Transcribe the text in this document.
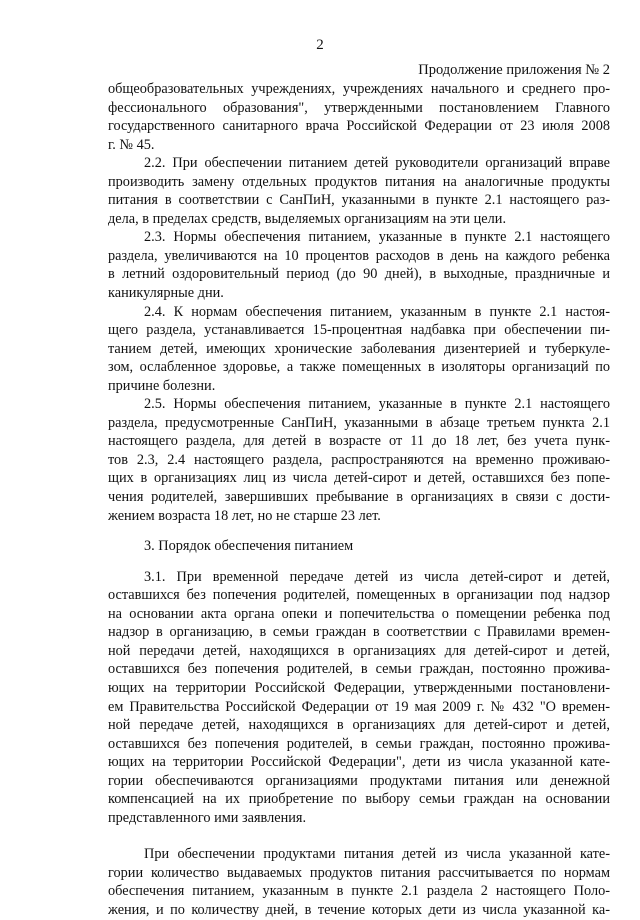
2
Продолжение приложения № 2
общеобразовательных учреждениях, учреждениях начального и среднего про-
фессионального образования", утвержденными постановлением Главного
государственного санитарного врача Российской Федерации от 23 июля 2008
г. № 45.
2.2. При обеспечении питанием детей руководители организаций вправе
производить замену отдельных продуктов питания на аналогичные продукты
питания в соответствии с СанПиН, указанными в пункте 2.1 настоящего раз-
дела, в пределах средств, выделяемых организациям на эти цели.
2.3. Нормы обеспечения питанием, указанные в пункте 2.1 настоящего
раздела, увеличиваются на 10 процентов расходов в день на каждого ребенка
в летний оздоровительный период (до 90 дней), в выходные, праздничные и
каникулярные дни.
2.4. К нормам обеспечения питанием, указанным в пункте 2.1 настоя-
щего раздела, устанавливается 15-процентная надбавка при обеспечении пи-
танием детей, имеющих хронические заболевания дизентерией и туберкуле-
зом, ослабленное здоровье, а также помещенных в изоляторы организаций по
причине болезни.
2.5. Нормы обеспечения питанием, указанные в пункте 2.1 настоящего
раздела, предусмотренные СанПиН, указанными в абзаце третьем пункта 2.1
настоящего раздела, для детей в возрасте от 11 до 18 лет, без учета пунк-
тов 2.3, 2.4 настоящего раздела, распространяются на временно проживаю-
щих в организациях лиц из числа детей-сирот и детей, оставшихся без попе-
чения родителей, завершивших пребывание в организациях в связи с дости-
жением возраста 18 лет, но не старше 23 лет.
3. Порядок обеспечения питанием
3.1. При временной передаче детей из числа детей-сирот и детей,
оставшихся без попечения родителей, помещенных в организации под надзор
на основании акта органа опеки и попечительства о помещении ребенка под
надзор в организацию, в семьи граждан в соответствии с Правилами времен-
ной передачи детей, находящихся в организациях для детей-сирот и детей,
оставшихся без попечения родителей, в семьи граждан, постоянно прожива-
ющих на территории Российской Федерации, утвержденными постановлени-
ем Правительства Российской Федерации от 19 мая 2009 г. № 432 "О времен-
ной передаче детей, находящихся в организациях для детей-сирот и детей,
оставшихся без попечения родителей, в семьи граждан, постоянно прожива-
ющих на территории Российской Федерации", дети из числа указанной кате-
гории обеспечиваются организациями продуктами питания или денежной
компенсацией на их приобретение по выбору семьи граждан на основании
представленного ими заявления.
При обеспечении продуктами питания детей из числа указанной кате-
гории количество выдаваемых продуктов питания рассчитывается по нормам
обеспечения питанием, указанным в пункте 2.1 раздела 2 настоящего Поло-
жения, и по количеству дней, в течение которых дети из числа указанной ка-
